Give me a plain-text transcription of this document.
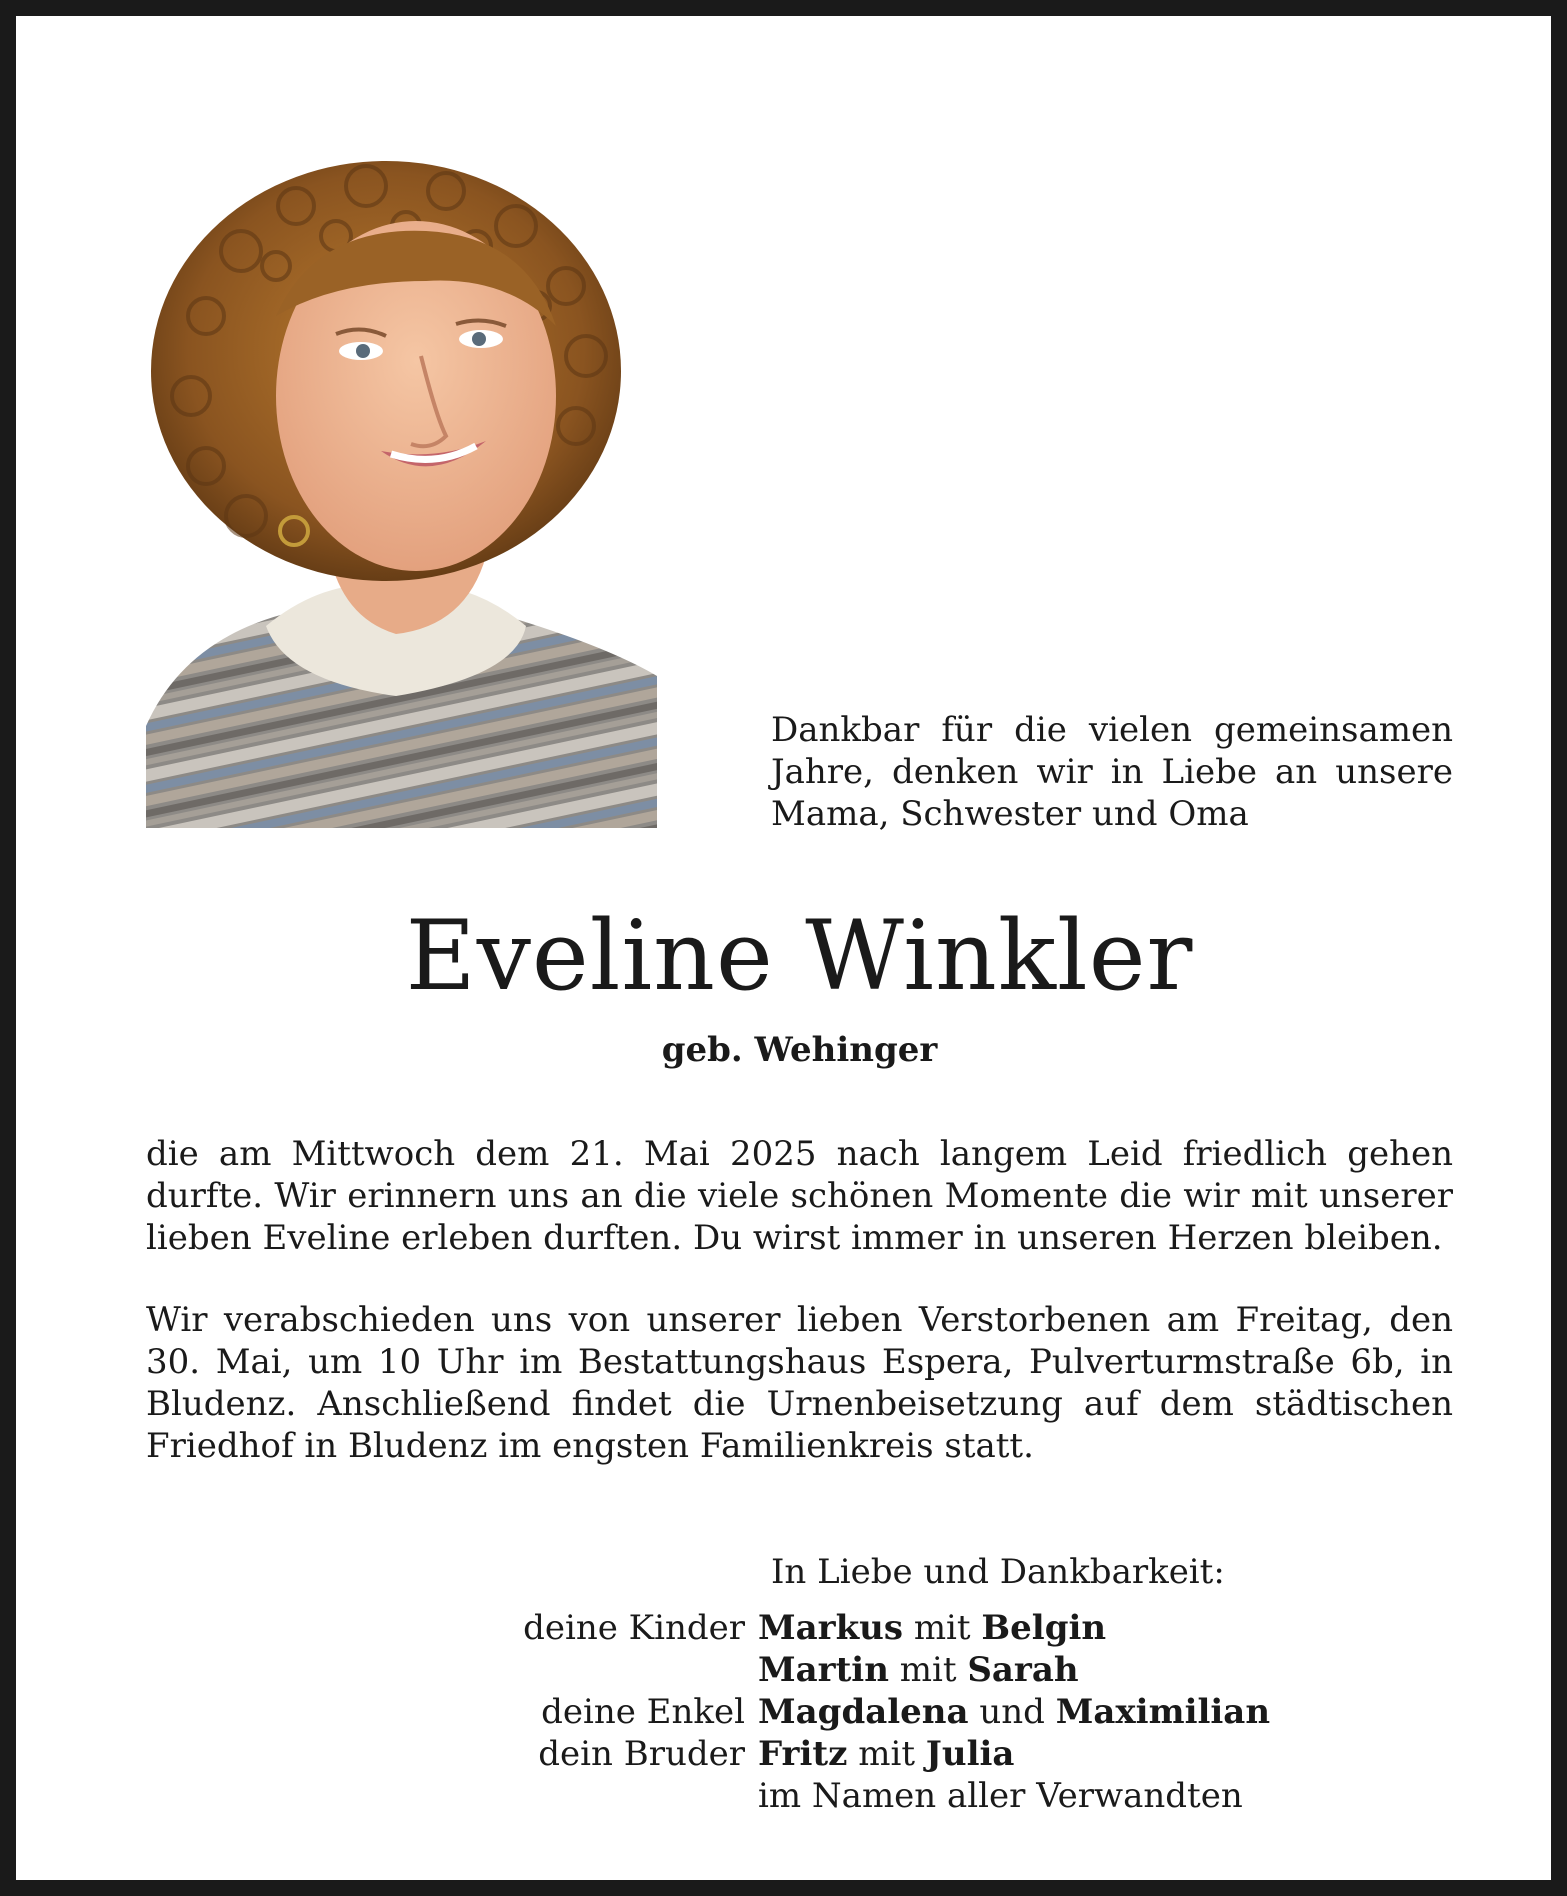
Dankbar für die vielen gemeinsamen Jahre, denken wir in Liebe an unsere Mama, Schwester und Oma
Eveline Winkler
geb. Wehinger

die am Mittwoch dem 21. Mai 2025 nach langem Leid friedlich gehen durfte. Wir erinnern uns an die viele schönen Momente die wir mit unserer lieben Eveline erleben durften. Du wirst immer in unseren Herzen bleiben.

Wir verabschieden uns von unserer lieben Verstorbenen am Freitag, den 30. Mai, um 10 Uhr im Bestattungshaus Espera, Pulverturmstraße 6b, in Bludenz. Anschließend findet die Urnenbeisetzung auf dem städtischen Friedhof in Bludenz im engsten Familienkreis statt.

In Liebe und Dankbarkeit:
deine Kinder Markus mit Belgin
Martin mit Sarah
deine Enkel Magdalena und Maximilian
dein Bruder Fritz mit Julia
im Namen aller Verwandten
